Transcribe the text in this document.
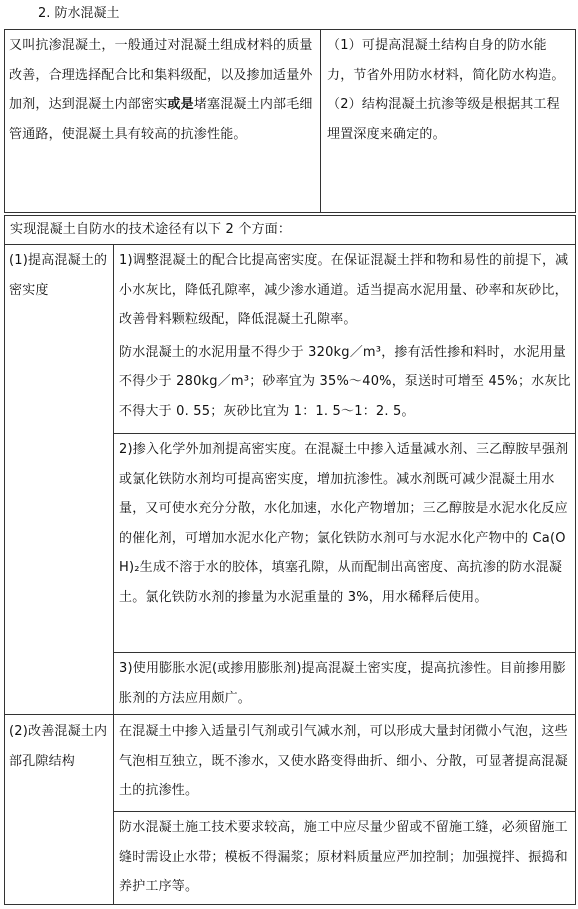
2. 防水混凝土
又叫抗渗混凝土，一般通过对混凝土组成材料的质量改善，合理选择配合比和集料级配，以及掺加适量外加剂，达到混凝土内部密实或是堵塞混凝土内部毛细管通路，使混凝土具有较高的抗渗性能。
（1）可提高混凝土结构自身的防水能力，节省外用防水材料，简化防水构造。
（2）结构混凝土抗渗等级是根据其工程埋置深度来确定的。
实现混凝土自防水的技术途径有以下 2 个方面：
(1)提高混凝土的密实度
1)调整混凝土的配合比提高密实度。在保证混凝土拌和物和易性的前提下，减小水灰比，降低孔隙率，减少渗水通道。适当提高水泥用量、砂率和灰砂比，改善骨料颗粒级配，降低混凝土孔隙率。
防水混凝土的水泥用量不得少于 320kg／m³，掺有活性掺和料时，水泥用量不得少于 280kg／m³；砂率宜为 35%～40%，泵送时可增至 45%；水灰比不得大于 0. 55；灰砂比宜为 1：1. 5～1：2. 5。
2)掺入化学外加剂提高密实度。在混凝土中掺入适量减水剂、三乙醇胺早强剂或氯化铁防水剂均可提高密实度，增加抗渗性。减水剂既可减少混凝土用水量，又可使水充分分散，水化加速，水化产物增加；三乙醇胺是水泥水化反应的催化剂，可增加水泥水化产物；氯化铁防水剂可与水泥水化产物中的 Ca(OH)₂生成不溶于水的胶体，填塞孔隙，从而配制出高密度、高抗渗的防水混凝土。氯化铁防水剂的掺量为水泥重量的 3%，用水稀释后使用。
3)使用膨胀水泥(或掺用膨胀剂)提高混凝土密实度，提高抗渗性。目前掺用膨胀剂的方法应用颇广。
(2)改善混凝土内部孔隙结构
在混凝土中掺入适量引气剂或引气减水剂，可以形成大量封闭微小气泡，这些气泡相互独立，既不渗水，又使水路变得曲折、细小、分散，可显著提高混凝土的抗渗性。
防水混凝土施工技术要求较高，施工中应尽量少留或不留施工缝，必须留施工缝时需设止水带；模板不得漏浆；原材料质量应严加控制；加强搅拌、振捣和养护工序等。
